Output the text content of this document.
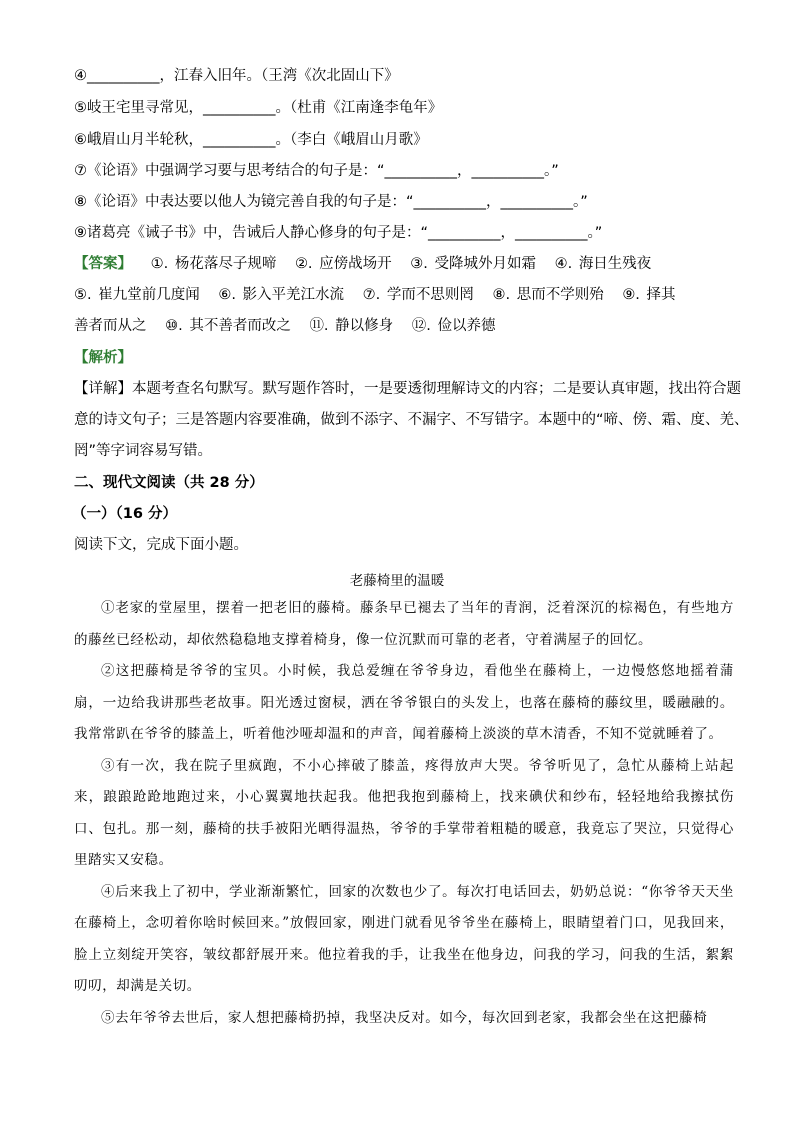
④__________，江春入旧年。（王湾《次北固山下》
⑤岐王宅里寻常见，__________。（杜甫《江南逢李龟年》
⑥峨眉山月半轮秋，__________。（李白《峨眉山月歌》
⑦《论语》中强调学习要与思考结合的句子是：“__________，__________。”
⑧《论语》中表达要以他人为镜完善自我的句子是：“__________，__________。”
⑨诸葛亮《诫子书》中，告诫后人静心修身的句子是：“__________，__________。”
【答案】 ①. 杨花落尽子规啼 ②. 应傍战场开 ③. 受降城外月如霜 ④. 海日生残夜
⑤. 崔九堂前几度闻 ⑥. 影入平羌江水流 ⑦. 学而不思则罔 ⑧. 思而不学则殆 ⑨. 择其
善者而从之 ⑩. 其不善者而改之 ⑪. 静以修身 ⑫. 俭以养德
【解析】
【详解】本题考查名句默写。默写题作答时，一是要透彻理解诗文的内容；二是要认真审题，找出符合题
意的诗文句子；三是答题内容要准确，做到不添字、不漏字、不写错字。本题中的“啼、傍、霜、度、羌、
罔”等字词容易写错。
二、现代文阅读（共 28 分）
（一）（16 分）
阅读下文，完成下面小题。
老藤椅里的温暖

①老家的堂屋里，摆着一把老旧的藤椅。藤条早已褪去了当年的青润，泛着深沉的棕褐色，有些地方的藤丝已经松动，却依然稳稳地支撑着椅身，像一位沉默而可靠的老者，守着满屋子的回忆。

②这把藤椅是爷爷的宝贝。小时候，我总爱缠在爷爷身边，看他坐在藤椅上，一边慢悠悠地摇着蒲扇，一边给我讲那些老故事。阳光透过窗棂，洒在爷爷银白的头发上，也落在藤椅的藤纹里，暖融融的。我常常趴在爷爷的膝盖上，听着他沙哑却温和的声音，闻着藤椅上淡淡的草木清香，不知不觉就睡着了。

③有一次，我在院子里疯跑，不小心摔破了膝盖，疼得放声大哭。爷爷听见了，急忙从藤椅上站起来，踉踉跄跄地跑过来，小心翼翼地扶起我。他把我抱到藤椅上，找来碘伏和纱布，轻轻地给我擦拭伤口、包扎。那一刻，藤椅的扶手被阳光晒得温热，爷爷的手掌带着粗糙的暖意，我竟忘了哭泣，只觉得心里踏实又安稳。

④后来我上了初中，学业渐渐繁忙，回家的次数也少了。每次打电话回去，奶奶总说：“你爷爷天天坐在藤椅上，念叨着你啥时候回来。”放假回家，刚进门就看见爷爷坐在藤椅上，眼睛望着门口，见我回来，脸上立刻绽开笑容，皱纹都舒展开来。他拉着我的手，让我坐在他身边，问我的学习，问我的生活，絮絮叨叨，却满是关切。

⑤去年爷爷去世后，家人想把藤椅扔掉，我坚决反对。如今，每次回到老家，我都会坐在这把藤椅
